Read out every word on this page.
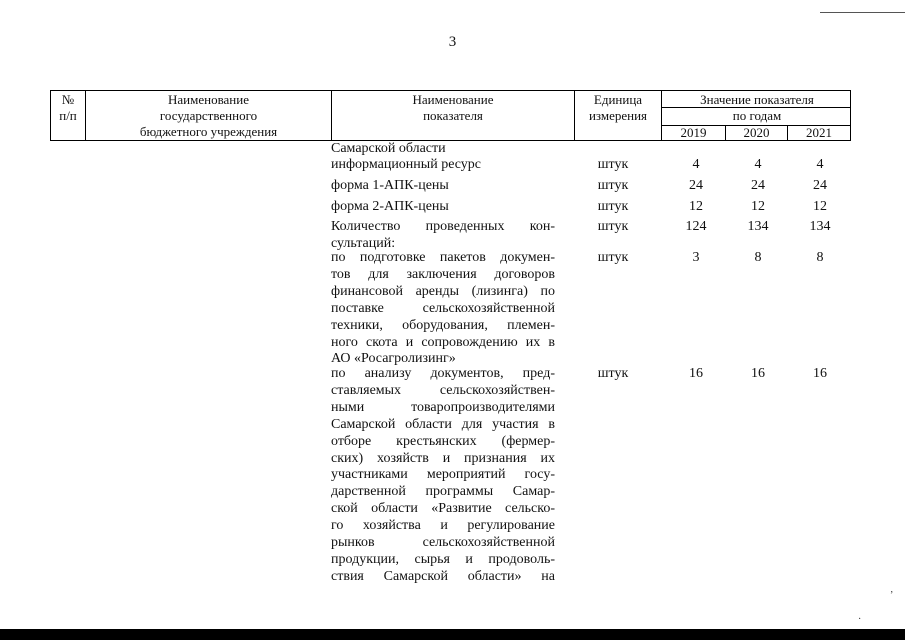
3
№
п/п
Наименование
государственного
бюджетного учреждения
Наименование
показателя
Единица
измерения
Значение показателя
по годам
2019	2020	2021
Самарской области
информационный ресурс	штук	4	4	4
форма 1-АПК-цены	штук	24	24	24
форма 2-АПК-цены	штук	12	12	12
Количество проведенных кон-
сультаций:
штук	124	134	134
по подготовке пакетов докумен-
тов для заключения договоров
финансовой аренды (лизинга) по
поставке сельскохозяйственной
техники, оборудования, племен-
ного скота и сопровождению их в
АО «Росагролизинг»
штук	3	8	8
по анализу документов, пред-
ставляемых сельскохозяйствен-
ными товаропроизводителями
Самарской области для участия в
отборе крестьянских (фермер-
ских) хозяйств и признания их
участниками мероприятий госу-
дарственной программы Самар-
ской области «Развитие сельско-
го хозяйства и регулирование
рынков сельскохозяйственной
продукции, сырья и продоволь-
ствия Самарской области» на
штук	16	16	16
’
·
